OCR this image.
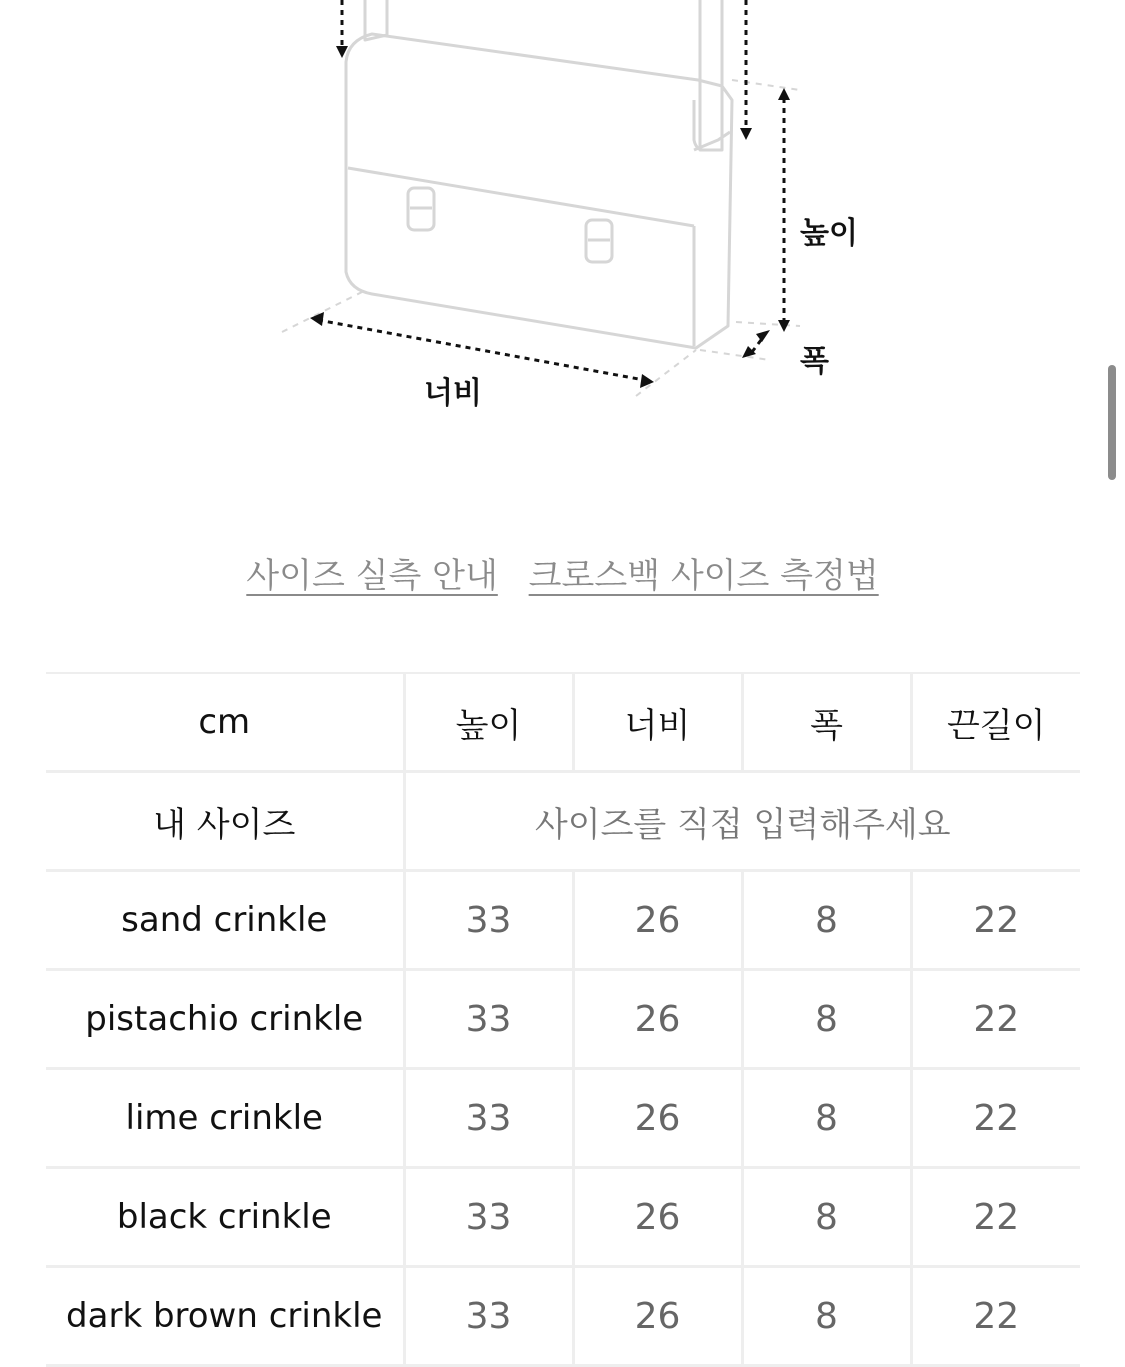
높이
폭
너비
사이즈 실측 안내 크로스백 사이즈 측정법
cm	높이	너비	폭	끈길이
내 사이즈	사이즈를 직접 입력해주세요			
sand crinkle	33	26	8	22
pistachio crinkle	33	26	8	22
lime crinkle	33	26	8	22
black crinkle	33	26	8	22
dark brown crinkle	33	26	8	22
